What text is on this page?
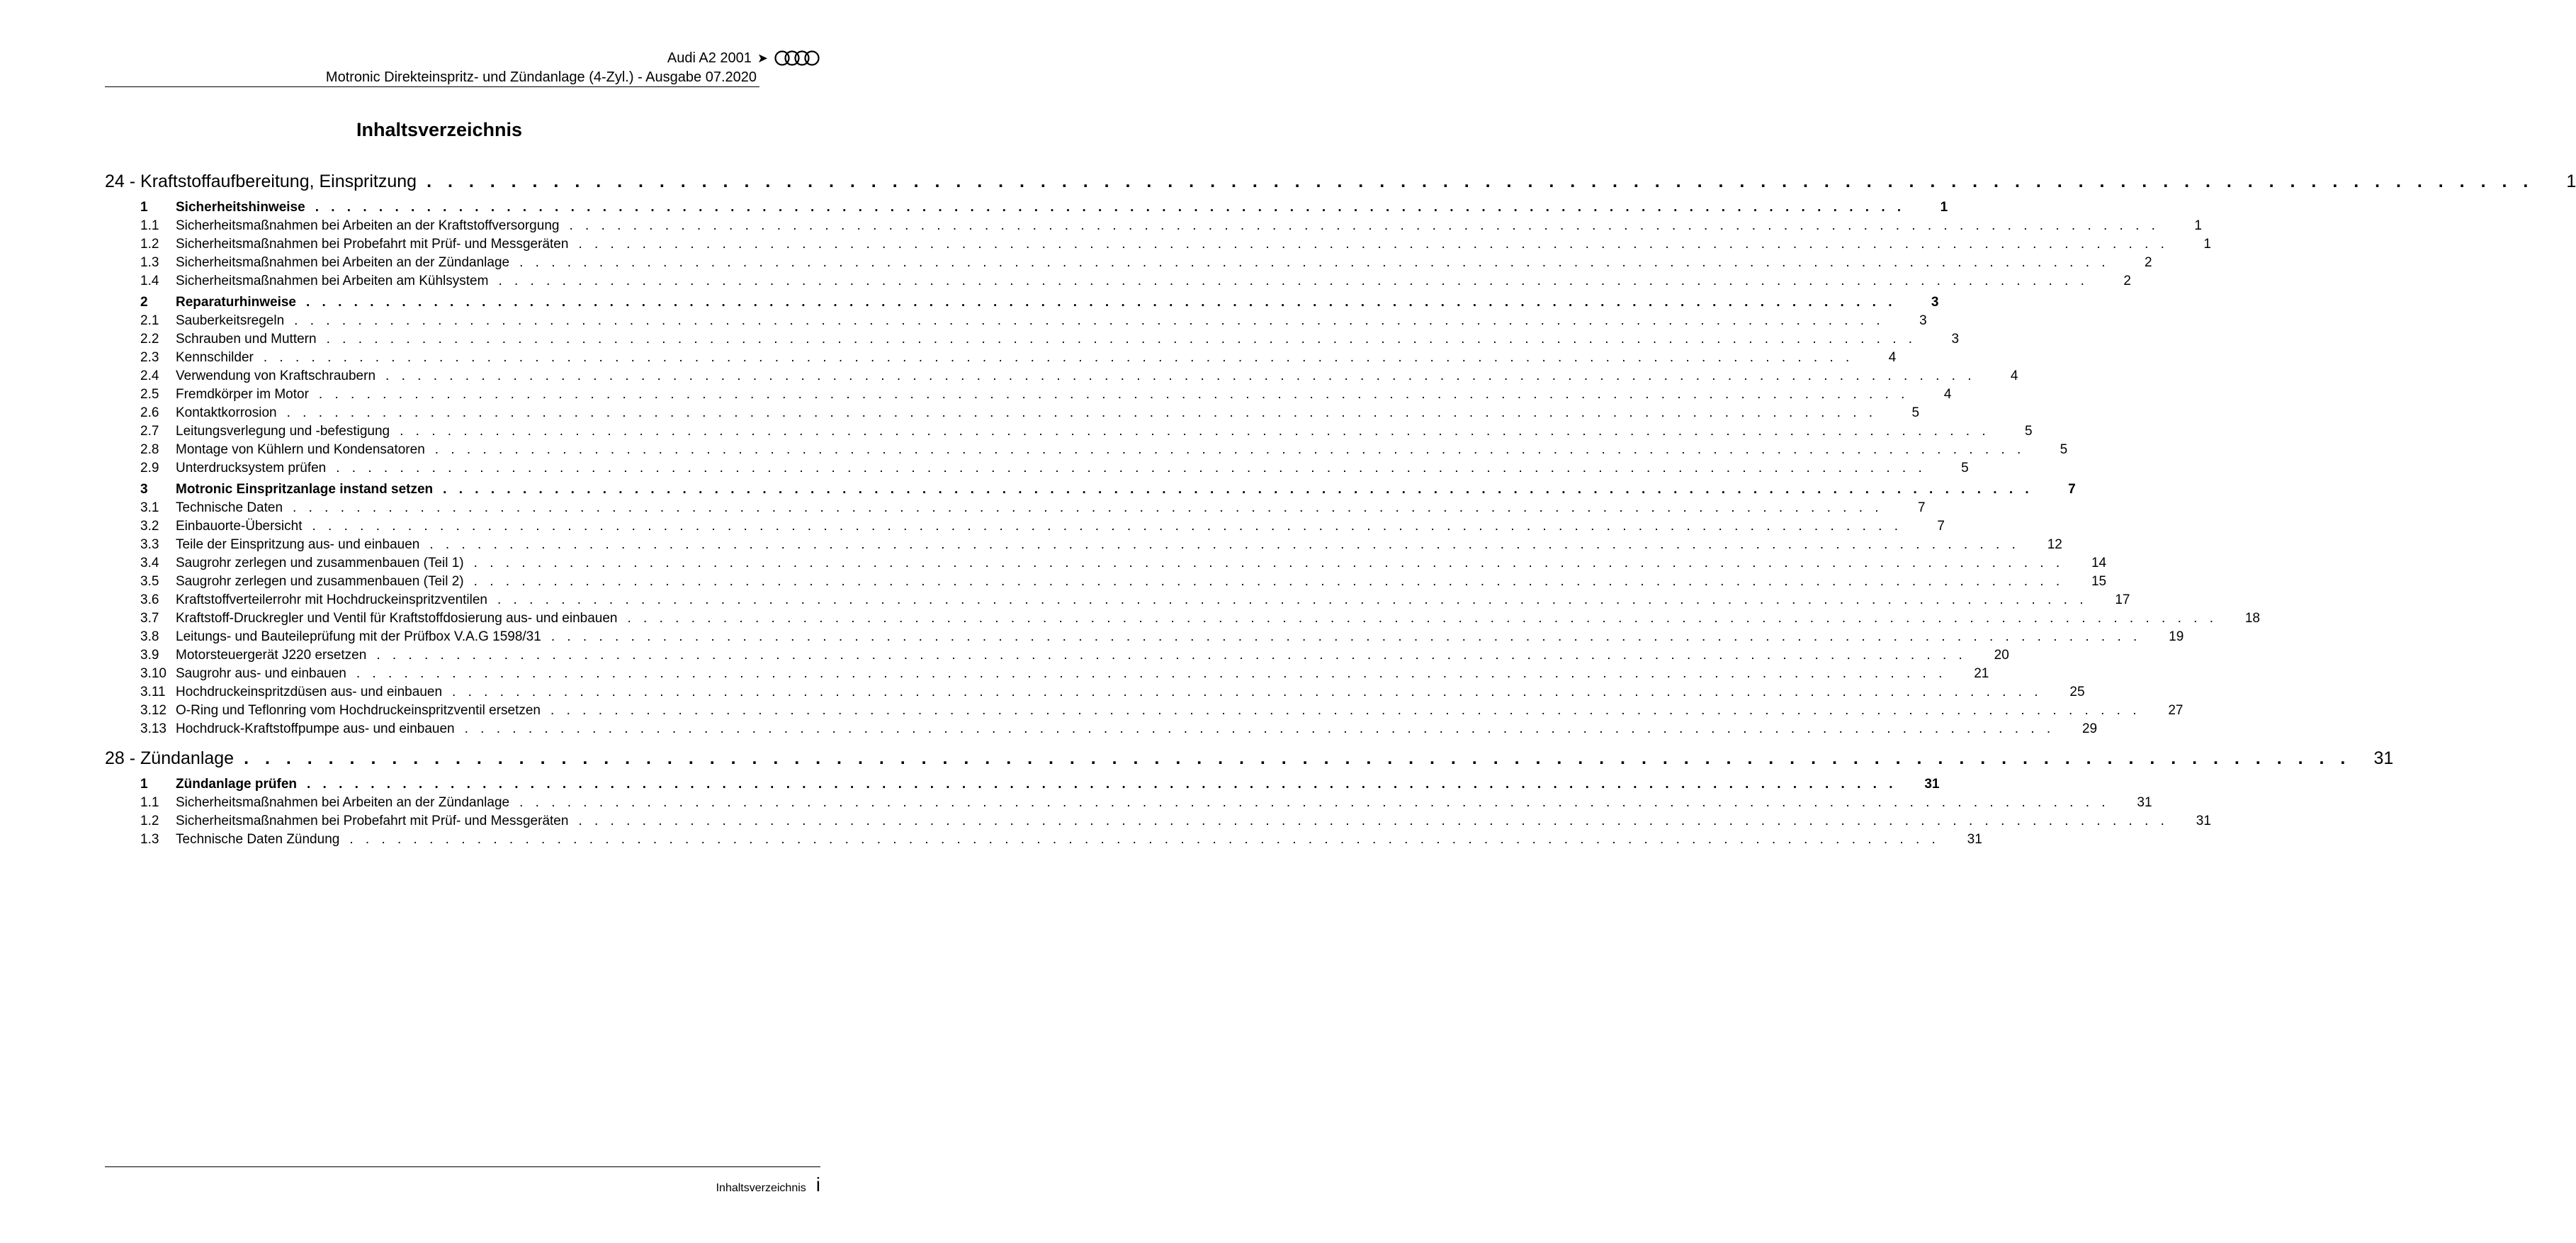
Audi A2 2001 ➤
Motronic Direkteinspritz- und Zündanlage (4-Zyl.) - Ausgabe 07.2020
Inhaltsverzeichnis
24 - Kraftstoffaufbereitung, Einspritzung . . . . . . . . . . . . . . . . . . . . . . . . . . . . . . . . . . . . . . . . . . . . . . . . . . . . . . . . . . . . . . . . . . . . . . . . . . . . . . . . . . . . . . . . . . . . . . . . . . . .	1
1	Sicherheitshinweise . . . . . . . . . . . . . . . . . . . . . . . . . . . . . . . . . . . . . . . . . . . . . . . . . . . . . . . . . . . . . . . . . . . . . . . . . . . . . . . . . . . . . . . . . . . . . . . . . . . .	1
1.1	Sicherheitsmaßnahmen bei Arbeiten an der Kraftstoffversorgung . . . . . . . . . . . . . . . . . . . . . . . . . . . . . . . . . . . . . . . . . . . . . . . . . . . . . . . . . . . . . . . . . . . . . . . . . . . . . . . . . . . . . . . . . . . . . . . . . . . .	1
1.2	Sicherheitsmaßnahmen bei Probefahrt mit Prüf- und Messgeräten . . . . . . . . . . . . . . . . . . . . . . . . . . . . . . . . . . . . . . . . . . . . . . . . . . . . . . . . . . . . . . . . . . . . . . . . . . . . . . . . . . . . . . . . . . . . . . . . . . . .	1
1.3	Sicherheitsmaßnahmen bei Arbeiten an der Zündanlage . . . . . . . . . . . . . . . . . . . . . . . . . . . . . . . . . . . . . . . . . . . . . . . . . . . . . . . . . . . . . . . . . . . . . . . . . . . . . . . . . . . . . . . . . . . . . . . . . . . .	2
1.4	Sicherheitsmaßnahmen bei Arbeiten am Kühlsystem . . . . . . . . . . . . . . . . . . . . . . . . . . . . . . . . . . . . . . . . . . . . . . . . . . . . . . . . . . . . . . . . . . . . . . . . . . . . . . . . . . . . . . . . . . . . . . . . . . . .	2
2	Reparaturhinweise . . . . . . . . . . . . . . . . . . . . . . . . . . . . . . . . . . . . . . . . . . . . . . . . . . . . . . . . . . . . . . . . . . . . . . . . . . . . . . . . . . . . . . . . . . . . . . . . . . . .	3
2.1	Sauberkeitsregeln . . . . . . . . . . . . . . . . . . . . . . . . . . . . . . . . . . . . . . . . . . . . . . . . . . . . . . . . . . . . . . . . . . . . . . . . . . . . . . . . . . . . . . . . . . . . . . . . . . . .	3
2.2	Schrauben und Muttern . . . . . . . . . . . . . . . . . . . . . . . . . . . . . . . . . . . . . . . . . . . . . . . . . . . . . . . . . . . . . . . . . . . . . . . . . . . . . . . . . . . . . . . . . . . . . . . . . . . .	3
2.3	Kennschilder . . . . . . . . . . . . . . . . . . . . . . . . . . . . . . . . . . . . . . . . . . . . . . . . . . . . . . . . . . . . . . . . . . . . . . . . . . . . . . . . . . . . . . . . . . . . . . . . . . . .	4
2.4	Verwendung von Kraftschraubern . . . . . . . . . . . . . . . . . . . . . . . . . . . . . . . . . . . . . . . . . . . . . . . . . . . . . . . . . . . . . . . . . . . . . . . . . . . . . . . . . . . . . . . . . . . . . . . . . . . .	4
2.5	Fremdkörper im Motor . . . . . . . . . . . . . . . . . . . . . . . . . . . . . . . . . . . . . . . . . . . . . . . . . . . . . . . . . . . . . . . . . . . . . . . . . . . . . . . . . . . . . . . . . . . . . . . . . . . .	4
2.6	Kontaktkorrosion . . . . . . . . . . . . . . . . . . . . . . . . . . . . . . . . . . . . . . . . . . . . . . . . . . . . . . . . . . . . . . . . . . . . . . . . . . . . . . . . . . . . . . . . . . . . . . . . . . . .	5
2.7	Leitungsverlegung und -befestigung . . . . . . . . . . . . . . . . . . . . . . . . . . . . . . . . . . . . . . . . . . . . . . . . . . . . . . . . . . . . . . . . . . . . . . . . . . . . . . . . . . . . . . . . . . . . . . . . . . . .	5
2.8	Montage von Kühlern und Kondensatoren . . . . . . . . . . . . . . . . . . . . . . . . . . . . . . . . . . . . . . . . . . . . . . . . . . . . . . . . . . . . . . . . . . . . . . . . . . . . . . . . . . . . . . . . . . . . . . . . . . . .	5
2.9	Unterdrucksystem prüfen . . . . . . . . . . . . . . . . . . . . . . . . . . . . . . . . . . . . . . . . . . . . . . . . . . . . . . . . . . . . . . . . . . . . . . . . . . . . . . . . . . . . . . . . . . . . . . . . . . . .	5
3	Motronic Einspritzanlage instand setzen . . . . . . . . . . . . . . . . . . . . . . . . . . . . . . . . . . . . . . . . . . . . . . . . . . . . . . . . . . . . . . . . . . . . . . . . . . . . . . . . . . . . . . . . . . . . . . . . . . . .	7
3.1	Technische Daten . . . . . . . . . . . . . . . . . . . . . . . . . . . . . . . . . . . . . . . . . . . . . . . . . . . . . . . . . . . . . . . . . . . . . . . . . . . . . . . . . . . . . . . . . . . . . . . . . . . .	7
3.2	Einbauorte-Übersicht . . . . . . . . . . . . . . . . . . . . . . . . . . . . . . . . . . . . . . . . . . . . . . . . . . . . . . . . . . . . . . . . . . . . . . . . . . . . . . . . . . . . . . . . . . . . . . . . . . . .	7
3.3	Teile der Einspritzung aus- und einbauen . . . . . . . . . . . . . . . . . . . . . . . . . . . . . . . . . . . . . . . . . . . . . . . . . . . . . . . . . . . . . . . . . . . . . . . . . . . . . . . . . . . . . . . . . . . . . . . . . . . .	12
3.4	Saugrohr zerlegen und zusammenbauen (Teil 1) . . . . . . . . . . . . . . . . . . . . . . . . . . . . . . . . . . . . . . . . . . . . . . . . . . . . . . . . . . . . . . . . . . . . . . . . . . . . . . . . . . . . . . . . . . . . . . . . . . . .	14
3.5	Saugrohr zerlegen und zusammenbauen (Teil 2) . . . . . . . . . . . . . . . . . . . . . . . . . . . . . . . . . . . . . . . . . . . . . . . . . . . . . . . . . . . . . . . . . . . . . . . . . . . . . . . . . . . . . . . . . . . . . . . . . . . .	15
3.6	Kraftstoffverteilerrohr mit Hochdruckeinspritzventilen . . . . . . . . . . . . . . . . . . . . . . . . . . . . . . . . . . . . . . . . . . . . . . . . . . . . . . . . . . . . . . . . . . . . . . . . . . . . . . . . . . . . . . . . . . . . . . . . . . . .	17
3.7	Kraftstoff-Druckregler und Ventil für Kraftstoffdosierung aus- und einbauen . . . . . . . . . . . . . . . . . . . . . . . . . . . . . . . . . . . . . . . . . . . . . . . . . . . . . . . . . . . . . . . . . . . . . . . . . . . . . . . . . . . . . . . . . . . . . . . . . . . .	18
3.8	Leitungs- und Bauteileprüfung mit der Prüfbox V.A.G 1598/31 . . . . . . . . . . . . . . . . . . . . . . . . . . . . . . . . . . . . . . . . . . . . . . . . . . . . . . . . . . . . . . . . . . . . . . . . . . . . . . . . . . . . . . . . . . . . . . . . . . . .	19
3.9	Motorsteuergerät J220 ersetzen . . . . . . . . . . . . . . . . . . . . . . . . . . . . . . . . . . . . . . . . . . . . . . . . . . . . . . . . . . . . . . . . . . . . . . . . . . . . . . . . . . . . . . . . . . . . . . . . . . . .	20
3.10 Saugrohr aus- und einbauen . . . . . . . . . . . . . . . . . . . . . . . . . . . . . . . . . . . . . . . . . . . . . . . . . . . . . . . . . . . . . . . . . . . . . . . . . . . . . . . . . . . . . . . . . . . . . . . . . . . .	21
3.11 Hochdruckeinspritzdüsen aus- und einbauen . . . . . . . . . . . . . . . . . . . . . . . . . . . . . . . . . . . . . . . . . . . . . . . . . . . . . . . . . . . . . . . . . . . . . . . . . . . . . . . . . . . . . . . . . . . . . . . . . . . .	25
3.12 O-Ring und Teflonring vom Hochdruckeinspritzventil ersetzen . . . . . . . . . . . . . . . . . . . . . . . . . . . . . . . . . . . . . . . . . . . . . . . . . . . . . . . . . . . . . . . . . . . . . . . . . . . . . . . . . . . . . . . . . . . . . . . . . . . .	27
3.13 Hochdruck-Kraftstoffpumpe aus- und einbauen . . . . . . . . . . . . . . . . . . . . . . . . . . . . . . . . . . . . . . . . . . . . . . . . . . . . . . . . . . . . . . . . . . . . . . . . . . . . . . . . . . . . . . . . . . . . . . . . . . . .	29
28 - Zündanlage . . . . . . . . . . . . . . . . . . . . . . . . . . . . . . . . . . . . . . . . . . . . . . . . . . . . . . . . . . . . . . . . . . . . . . . . . . . . . . . . . . . . . . . . . . . . . . . . . . . .	31
1	Zündanlage prüfen . . . . . . . . . . . . . . . . . . . . . . . . . . . . . . . . . . . . . . . . . . . . . . . . . . . . . . . . . . . . . . . . . . . . . . . . . . . . . . . . . . . . . . . . . . . . . . . . . . . .	31
1.1	Sicherheitsmaßnahmen bei Arbeiten an der Zündanlage . . . . . . . . . . . . . . . . . . . . . . . . . . . . . . . . . . . . . . . . . . . . . . . . . . . . . . . . . . . . . . . . . . . . . . . . . . . . . . . . . . . . . . . . . . . . . . . . . . . .	31
1.2	Sicherheitsmaßnahmen bei Probefahrt mit Prüf- und Messgeräten . . . . . . . . . . . . . . . . . . . . . . . . . . . . . . . . . . . . . . . . . . . . . . . . . . . . . . . . . . . . . . . . . . . . . . . . . . . . . . . . . . . . . . . . . . . . . . . . . . . .	31
1.3	Technische Daten Zündung . . . . . . . . . . . . . . . . . . . . . . . . . . . . . . . . . . . . . . . . . . . . . . . . . . . . . . . . . . . . . . . . . . . . . . . . . . . . . . . . . . . . . . . . . . . . . . . . . . . .	31
Inhaltsverzeichnis i
